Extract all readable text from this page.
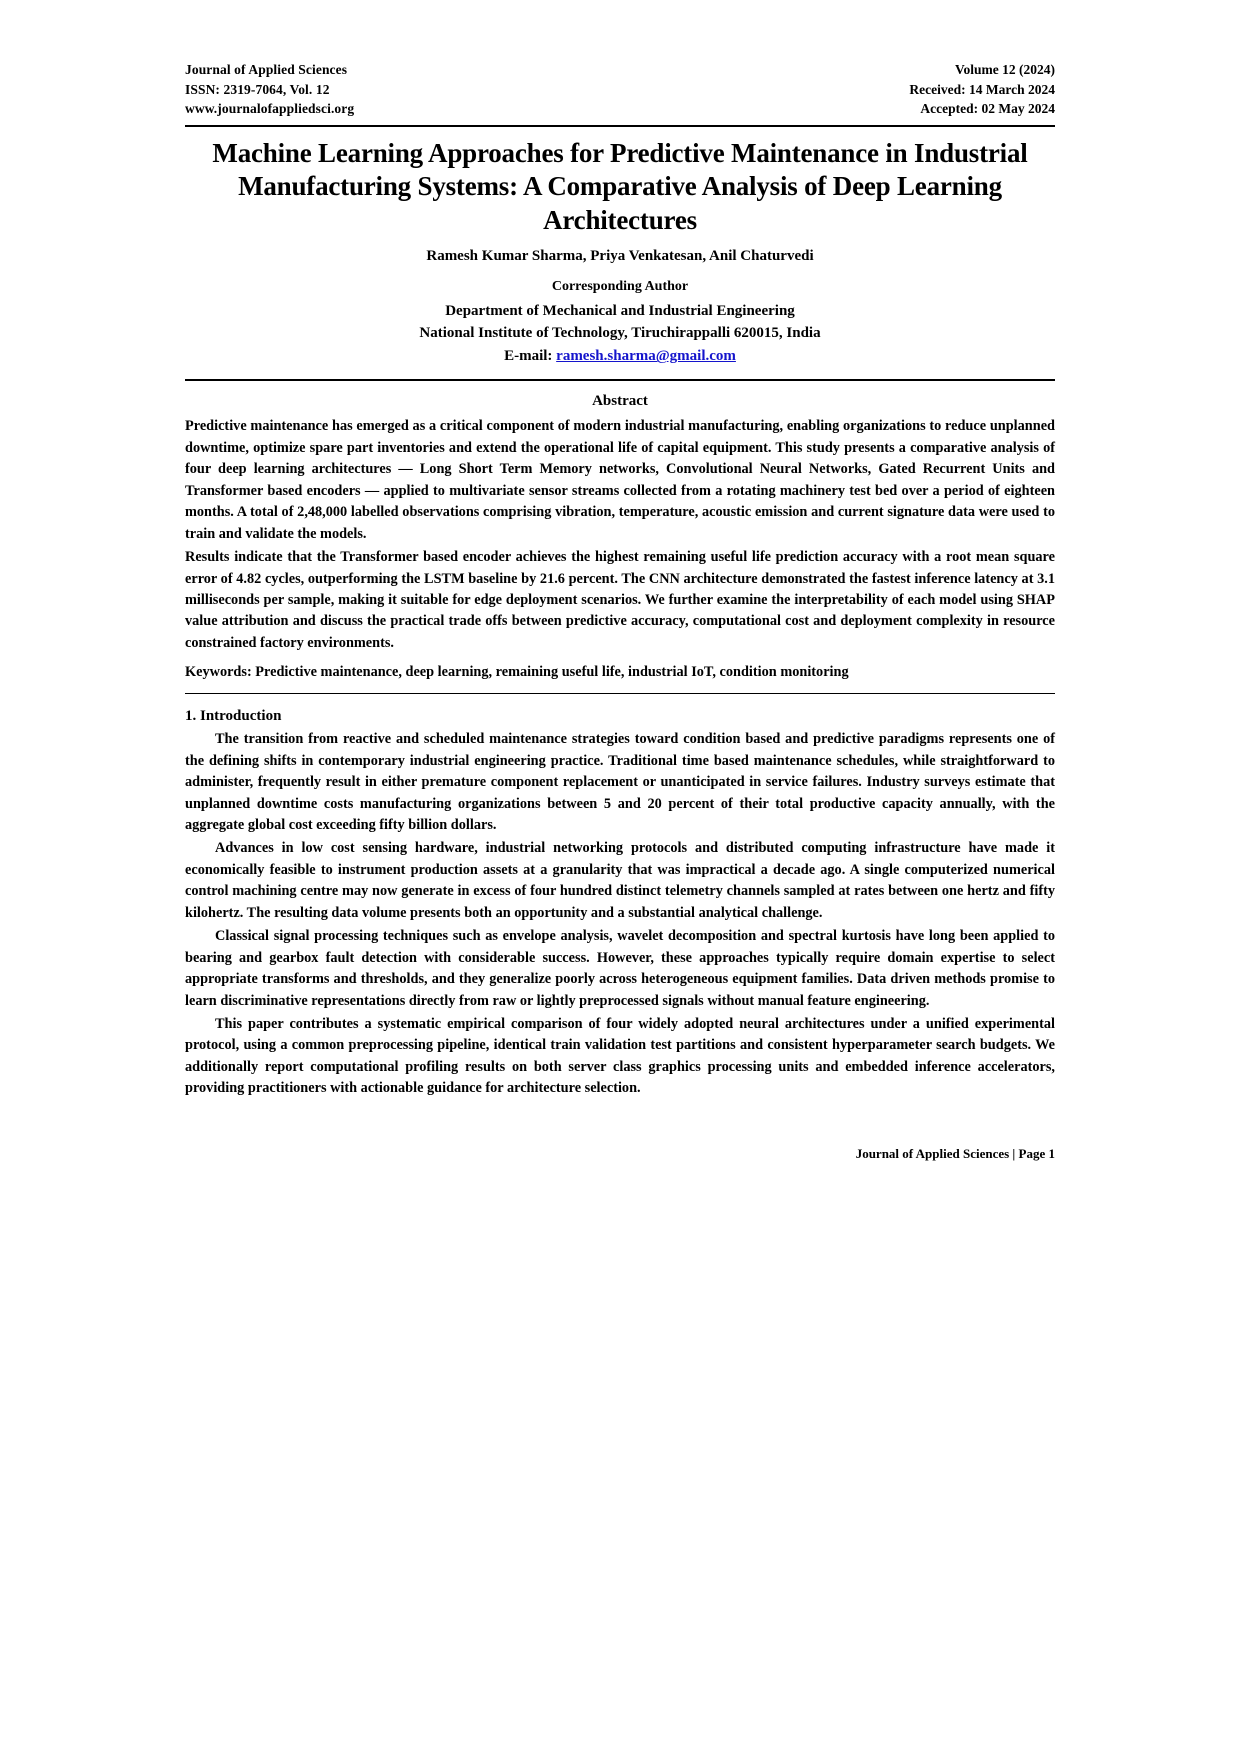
Journal of Applied Sciences
ISSN: 2319-7064, Vol. 12
www.journalofappliedsci.org
Volume 12 (2024)
Received: 14 March 2024
Accepted: 02 May 2024
Machine Learning Approaches for Predictive Maintenance in Industrial Manufacturing Systems: A Comparative Analysis of Deep Learning Architectures
Ramesh Kumar Sharma, Priya Venkatesan, Anil Chaturvedi
Corresponding Author
Department of Mechanical and Industrial Engineering
National Institute of Technology, Tiruchirappalli 620015, India
E-mail: ramesh.sharma@gmail.com
Abstract

Predictive maintenance has emerged as a critical component of modern industrial manufacturing, enabling organizations to reduce unplanned downtime, optimize spare part inventories and extend the operational life of capital equipment. This study presents a comparative analysis of four deep learning architectures — Long Short Term Memory networks, Convolutional Neural Networks, Gated Recurrent Units and Transformer based encoders — applied to multivariate sensor streams collected from a rotating machinery test bed over a period of eighteen months. A total of 2,48,000 labelled observations comprising vibration, temperature, acoustic emission and current signature data were used to train and validate the models.

Results indicate that the Transformer based encoder achieves the highest remaining useful life prediction accuracy with a root mean square error of 4.82 cycles, outperforming the LSTM baseline by 21.6 percent. The CNN architecture demonstrated the fastest inference latency at 3.1 milliseconds per sample, making it suitable for edge deployment scenarios. We further examine the interpretability of each model using SHAP value attribution and discuss the practical trade offs between predictive accuracy, computational cost and deployment complexity in resource constrained factory environments.

Keywords: Predictive maintenance, deep learning, remaining useful life, industrial IoT, condition monitoring
1. Introduction

The transition from reactive and scheduled maintenance strategies toward condition based and predictive paradigms represents one of the defining shifts in contemporary industrial engineering practice. Traditional time based maintenance schedules, while straightforward to administer, frequently result in either premature component replacement or unanticipated in service failures. Industry surveys estimate that unplanned downtime costs manufacturing organizations between 5 and 20 percent of their total productive capacity annually, with the aggregate global cost exceeding fifty billion dollars.

Advances in low cost sensing hardware, industrial networking protocols and distributed computing infrastructure have made it economically feasible to instrument production assets at a granularity that was impractical a decade ago. A single computerized numerical control machining centre may now generate in excess of four hundred distinct telemetry channels sampled at rates between one hertz and fifty kilohertz. The resulting data volume presents both an opportunity and a substantial analytical challenge.

Classical signal processing techniques such as envelope analysis, wavelet decomposition and spectral kurtosis have long been applied to bearing and gearbox fault detection with considerable success. However, these approaches typically require domain expertise to select appropriate transforms and thresholds, and they generalize poorly across heterogeneous equipment families. Data driven methods promise to learn discriminative representations directly from raw or lightly preprocessed signals without manual feature engineering.

This paper contributes a systematic empirical comparison of four widely adopted neural architectures under a unified experimental protocol, using a common preprocessing pipeline, identical train validation test partitions and consistent hyperparameter search budgets. We additionally report computational profiling results on both server class graphics processing units and embedded inference accelerators, providing practitioners with actionable guidance for architecture selection.

Journal of Applied Sciences | Page 1
